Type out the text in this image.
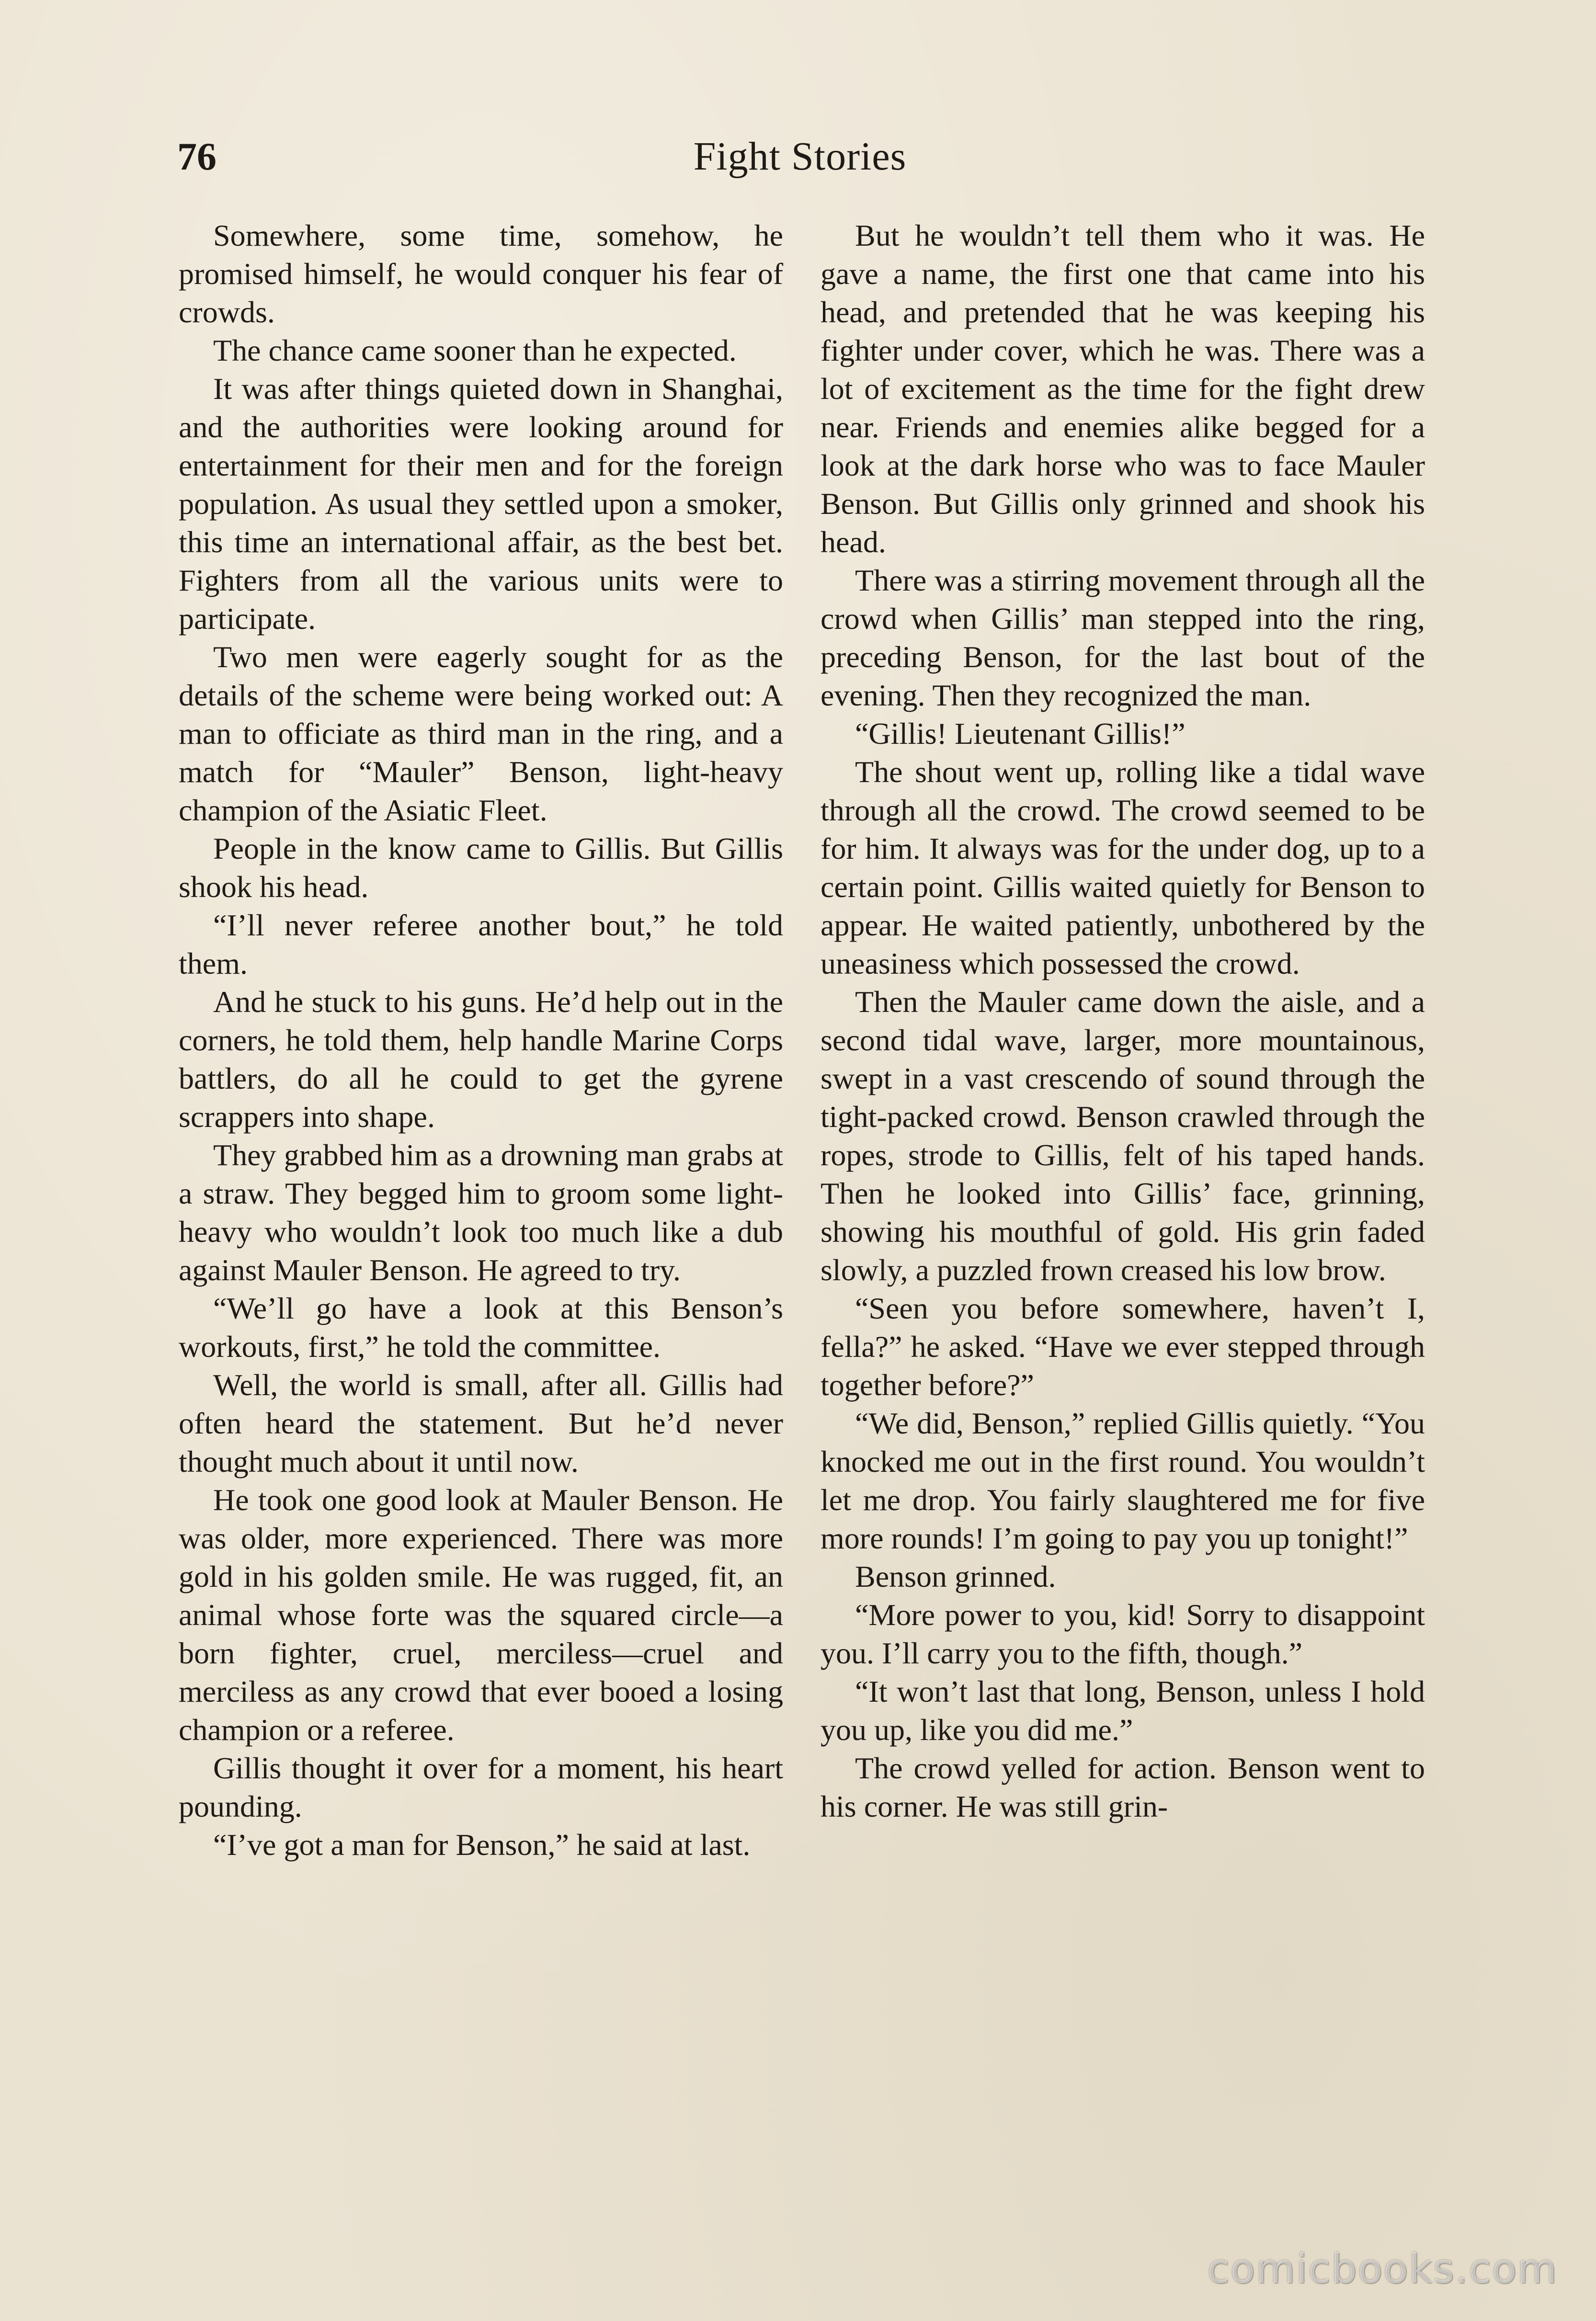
76	Fight Stories

Somewhere, some time, somehow, he promised himself, he would conquer his fear of crowds.

The chance came sooner than he expected.

It was after things quieted down in Shanghai, and the authorities were looking around for entertainment for their men and for the foreign population. As usual they settled upon a smoker, this time an international affair, as the best bet. Fighters from all the various units were to participate.

Two men were eagerly sought for as the details of the scheme were being worked out: A man to officiate as third man in the ring, and a match for “Mauler” Benson, light-heavy champion of the Asiatic Fleet.

People in the know came to Gillis. But Gillis shook his head.

“I’ll never referee another bout,” he told them.

And he stuck to his guns. He’d help out in the corners, he told them, help handle Marine Corps battlers, do all he could to get the gyrene scrappers into shape.

They grabbed him as a drowning man grabs at a straw. They begged him to groom some light-heavy who wouldn’t look too much like a dub against Mauler Benson. He agreed to try.

“We’ll go have a look at this Benson’s workouts, first,” he told the committee.

Well, the world is small, after all. Gillis had often heard the statement. But he’d never thought much about it until now.

He took one good look at Mauler Benson. He was older, more experienced. There was more gold in his golden smile. He was rugged, fit, an animal whose forte was the squared circle—a born fighter, cruel, merciless—cruel and merciless as any crowd that ever booed a losing champion or a referee.

Gillis thought it over for a moment, his heart pounding.

“I’ve got a man for Benson,” he said at last.

But he wouldn’t tell them who it was. He gave a name, the first one that came into his head, and pretended that he was keeping his fighter under cover, which he was. There was a lot of excitement as the time for the fight drew near. Friends and enemies alike begged for a look at the dark horse who was to face Mauler Benson. But Gillis only grinned and shook his head.

There was a stirring movement through all the crowd when Gillis’ man stepped into the ring, preceding Benson, for the last bout of the evening. Then they recognized the man.

“Gillis! Lieutenant Gillis!”

The shout went up, rolling like a tidal wave through all the crowd. The crowd seemed to be for him. It always was for the under dog, up to a certain point. Gillis waited quietly for Benson to appear. He waited patiently, unbothered by the uneasiness which possessed the crowd.

Then the Mauler came down the aisle, and a second tidal wave, larger, more mountainous, swept in a vast crescendo of sound through the tight-packed crowd. Benson crawled through the ropes, strode to Gillis, felt of his taped hands. Then he looked into Gillis’ face, grinning, showing his mouthful of gold. His grin faded slowly, a puzzled frown creased his low brow.

“Seen you before somewhere, haven’t I, fella?” he asked. “Have we ever stepped through together before?”

“We did, Benson,” replied Gillis quietly. “You knocked me out in the first round. You wouldn’t let me drop. You fairly slaughtered me for five more rounds! I’m going to pay you up tonight!”

Benson grinned.

“More power to you, kid! Sorry to disappoint you. I’ll carry you to the fifth, though.”

“It won’t last that long, Benson, unless I hold you up, like you did me.”

The crowd yelled for action. Benson went to his corner. He was still grin-

comicbooks.com
